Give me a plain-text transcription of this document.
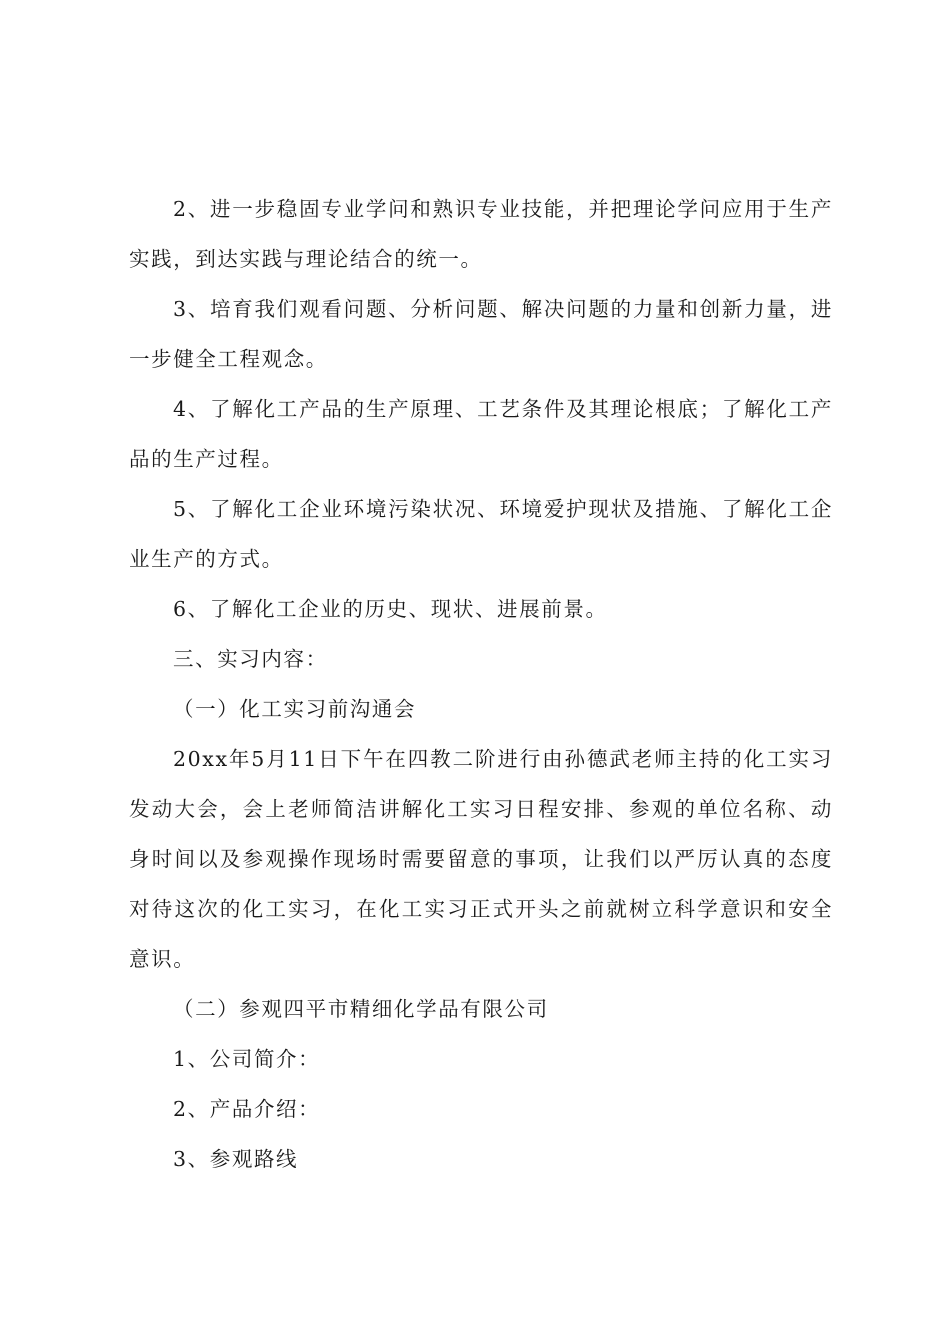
2、进一步稳固专业学问和熟识专业技能，并把理论学问应用于生产实践，到达实践与理论结合的统一。

3、培育我们观看问题、分析问题、解决问题的力量和创新力量，进一步健全工程观念。

4、了解化工产品的生产原理、工艺条件及其理论根底；了解化工产品的生产过程。

5、了解化工企业环境污染状况、环境爱护现状及措施、了解化工企业生产的方式。

6、了解化工企业的历史、现状、进展前景。

三、实习内容：

（一）化工实习前沟通会

20xx年5月11日下午在四教二阶进行由孙德武老师主持的化工实习发动大会，会上老师简洁讲解化工实习日程安排、参观的单位名称、动身时间以及参观操作现场时需要留意的事项，让我们以严厉认真的态度对待这次的化工实习，在化工实习正式开头之前就树立科学意识和安全意识。

（二）参观四平市精细化学品有限公司

1、公司简介：

2、产品介绍：

3、参观路线
